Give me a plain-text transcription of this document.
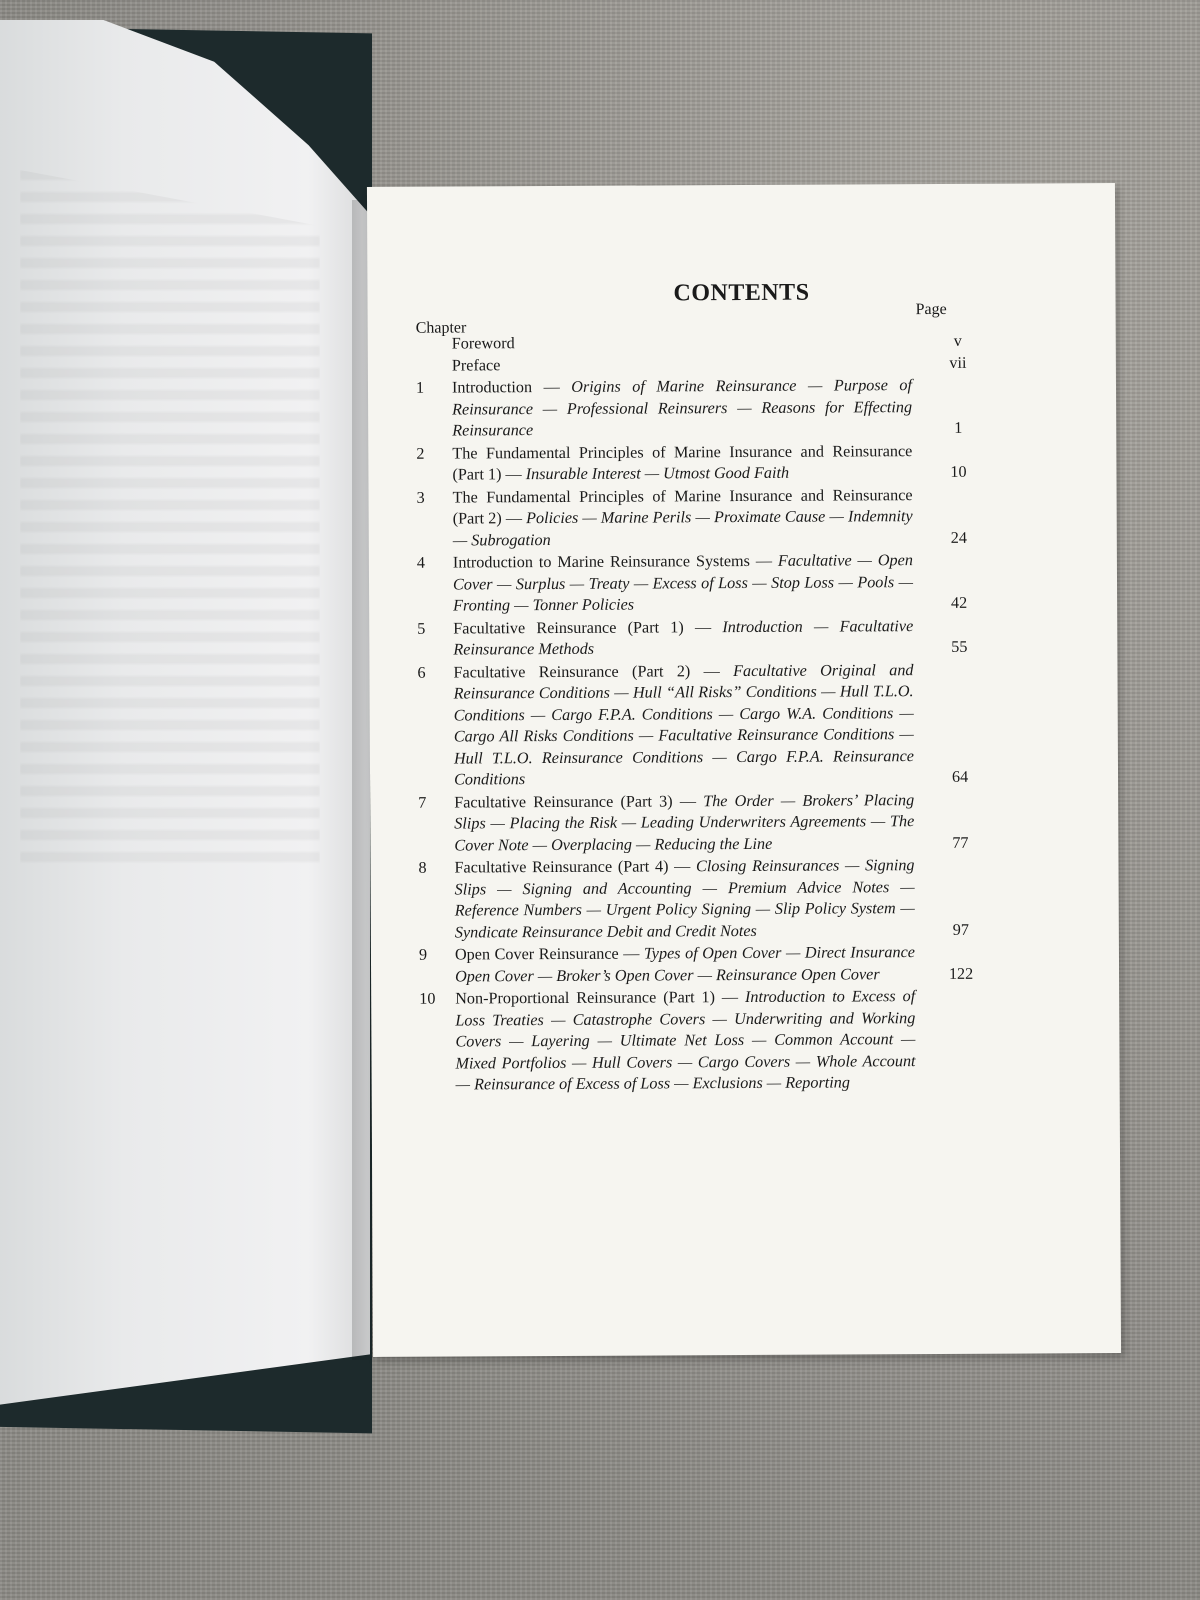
CONTENTS
Page
Chapter
Foreword	v
Preface	vii
1	Introduction — Origins of Marine Reinsurance — Purpose of Reinsurance — Professional Reinsurers — Reasons for Effecting Reinsurance	1
2	The Fundamental Principles of Marine Insurance and Reinsurance (Part 1) — Insurable Interest — Utmost Good Faith	10
3	The Fundamental Principles of Marine Insurance and Reinsurance (Part 2) — Policies — Marine Perils — Proximate Cause — Indemnity — Subrogation	24
4	Introduction to Marine Reinsurance Systems — Facultative — Open Cover — Surplus — Treaty — Excess of Loss — Stop Loss — Pools — Fronting — Tonner Policies	42
5	Facultative Reinsurance (Part 1) — Introduction — Facultative Reinsurance Methods	55
6	Facultative Reinsurance (Part 2) — Facultative Original and Reinsurance Conditions — Hull “All Risks” Conditions — Hull T.L.O. Conditions — Cargo F.P.A. Conditions — Cargo W.A. Conditions — Cargo All Risks Conditions — Facultative Reinsurance Conditions — Hull T.L.O. Reinsurance Conditions — Cargo F.P.A. Reinsurance Conditions	64
7	Facultative Reinsurance (Part 3) — The Order — Brokers’ Placing Slips — Placing the Risk — Leading Underwriters Agreements — The Cover Note — Overplacing — Reducing the Line	77
8	Facultative Reinsurance (Part 4) — Closing Reinsurances — Signing Slips — Signing and Accounting — Premium Advice Notes — Reference Numbers — Urgent Policy Signing — Slip Policy System — Syndicate Reinsurance Debit and Credit Notes	97
9	Open Cover Reinsurance — Types of Open Cover — Direct Insurance Open Cover — Broker’s Open Cover — Reinsurance Open Cover	122
10	Non-Proportional Reinsurance (Part 1) — Introduction to Excess of Loss Treaties — Catastrophe Covers — Underwriting and Working Covers — Layering — Ultimate Net Loss — Common Account — Mixed Portfolios — Hull Covers — Cargo Covers — Whole Account — Reinsurance of Excess of Loss — Exclusions — Reporting
